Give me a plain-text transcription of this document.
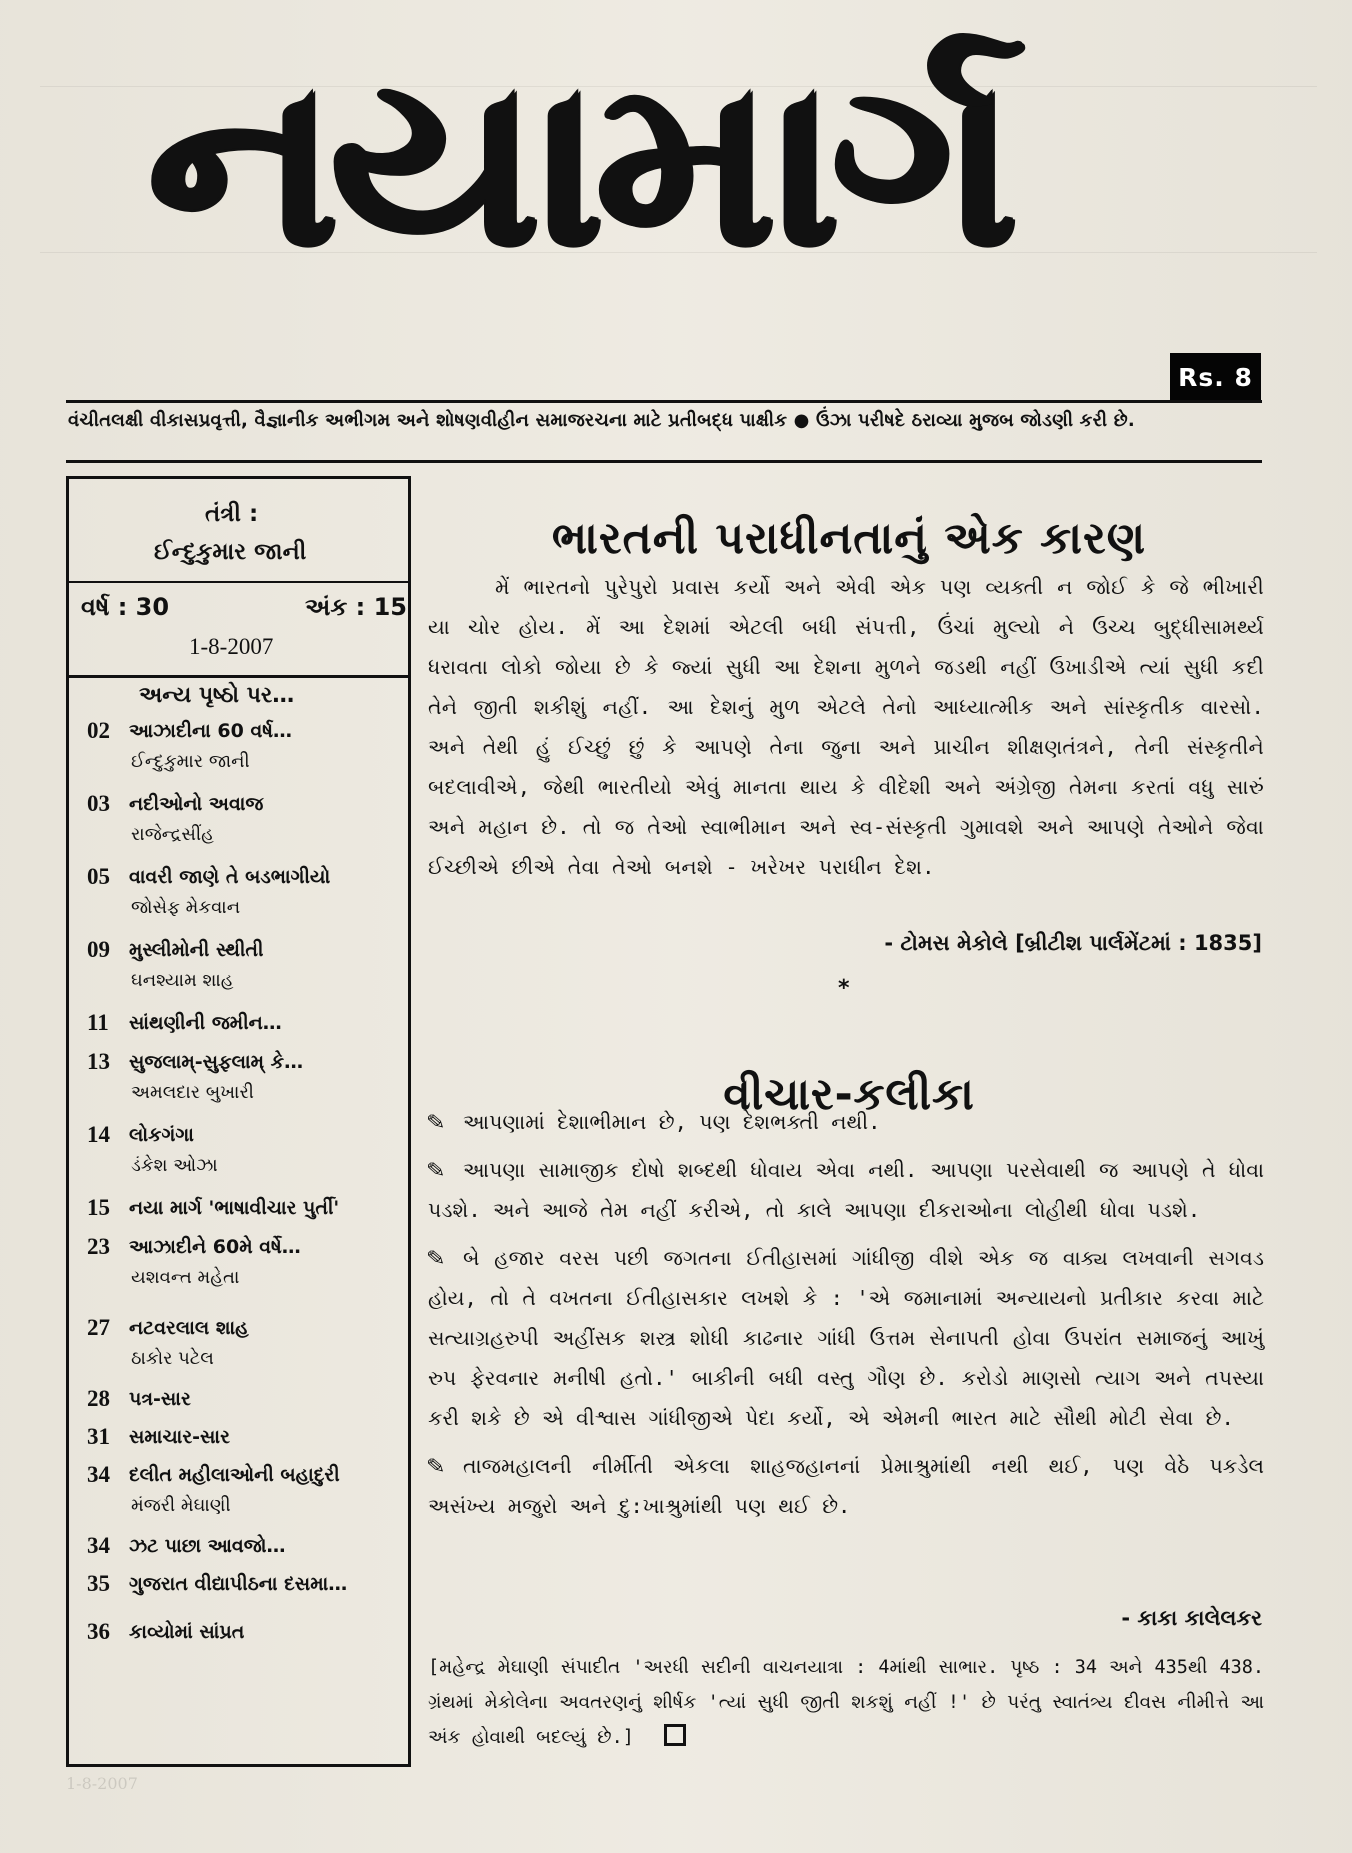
નયામાર્ગ
Rs. 8
વંચીતલક્ષી વીકાસપ્રવૃત્તી, વૈજ્ઞાનીક અભીગમ અને શોષણવીહીન સમાજરચના માટે પ્રતીબદ્ધ પાક્ષીક ● ઉંઝા પરીષદે ઠરાવ્યા મુજબ જોડણી કરી છે.
તંત્રી :
ઈન્દુકુમાર જાની
વર્ષ : 30	અંક : 15
1-8-2007
અન્ય પૃષ્ઠો પર…
02	આઝાદીના 60 વર્ષ…
ઈન્દુકુમાર જાની
03	નદીઓનો અવાજ
રાજેન્દ્રસીંહ
05	વાવરી જાણે તે બડભાગીયો
જોસેફ મેકવાન
09	મુસ્લીમોની સ્થીતી
ઘનશ્યામ શાહ
11	સાંથણીની જમીન…
13	સુજલામ્-સુફલામ્ કે…
અમલદાર બુખારી
14	લોકગંગા
ડંકેશ ઓઝા
15	નયા માર્ગ 'ભાષાવીચાર પુર્તી'
23	આઝાદીને 60મે વર્ષે…
યશવન્ત મહેતા
27	નટવરલાલ શાહ
ઠાકોર પટેલ
28	પત્ર-સાર
31	સમાચાર-સાર
34	દલીત મહીલાઓની બહાદુરી
મંજરી મેઘાણી
34	ઝટ પાછા આવજો…
35	ગુજરાત વીદ્યાપીઠના દસમા…
36	કાવ્યોમાં સાંપ્રત
ભારતની પરાધીનતાનું એક કારણ

મેં ભારતનો પુરેપુરો પ્રવાસ કર્યો અને એવી એક પણ વ્યક્તી ન જોઈ કે જે ભીખારી યા ચોર હોય. મેં આ દેશમાં એટલી બધી સંપત્તી, ઉંચાં મુલ્યો ને ઉચ્ચ બુદ્ધીસામર્થ્ય ધરાવતા લોકો જોયા છે કે જ્યાં સુધી આ દેશના મુળને જડથી નહીં ઉખાડીએ ત્યાં સુધી કદી તેને જીતી શકીશું નહીં. આ દેશનું મુળ એટલે તેનો આધ્યાત્મીક અને સાંસ્કૃતીક વારસો. અને તેથી હું ઈચ્છું છું કે આપણે તેના જુના અને પ્રાચીન શીક્ષણતંત્રને, તેની સંસ્કૃતીને બદલાવીએ, જેથી ભારતીયો એવું માનતા થાય કે વીદેશી અને અંગ્રેજી તેમના કરતાં વધુ સારું અને મહાન છે. તો જ તેઓ સ્વાભીમાન અને સ્વ-સંસ્કૃતી ગુમાવશે અને આપણે તેઓને જેવા ઈચ્છીએ છીએ તેવા તેઓ બનશે - ખરેખર પરાધીન દેશ.

- ટોમસ મેકોલે [બ્રીટીશ પાર્લમેંટમાં : 1835]
*
વીચાર-કલીકા

✎ આપણામાં દેશાભીમાન છે, પણ દેશભક્તી નથી.

✎ આપણા સામાજીક દોષો શબ્દથી ધોવાય એવા નથી. આપણા પરસેવાથી જ આપણે તે ધોવા પડશે. અને આજે તેમ નહીં કરીએ, તો કાલે આપણા દીકરાઓના લોહીથી ધોવા પડશે.

✎ બે હજાર વરસ પછી જગતના ઈતીહાસમાં ગાંધીજી વીશે એક જ વાક્ય લખવાની સગવડ હોય, તો તે વખતના ઈતીહાસકાર લખશે કે : 'એ જમાનામાં અન્યાયનો પ્રતીકાર કરવા માટે સત્યાગ્રહરુપી અહીંસક શસ્ત્ર શોધી કાઢનાર ગાંધી ઉત્તમ સેનાપતી હોવા ઉપરાંત સમાજનું આખું રુપ ફેરવનાર મનીષી હતો.' બાકીની બધી વસ્તુ ગૌણ છે. કરોડો માણસો ત્યાગ અને તપસ્યા કરી શકે છે એ વીશ્વાસ ગાંધીજીએ પેદા કર્યો, એ એમની ભારત માટે સૌથી મોટી સેવા છે.

✎ તાજમહાલની નીર્મીતી એકલા શાહજહાનનાં પ્રેમાશ્રુમાંથી નથી થઈ, પણ વેઠે પકડેલ અસંખ્ય મજુરો અને દુ:ખાશ્રુમાંથી પણ થઈ છે.

- કાકા કાલેલકર
[મહેન્દ્ર મેઘાણી સંપાદીત 'અરધી સદીની વાચનયાત્રા : 4માંથી સાભાર. પૃષ્ઠ : 34 અને 435થી 438. ગ્રંથમાં મેકોલેના અવતરણનું શીર્ષક 'ત્યાં સુધી જીતી શકશું નહીં !' છે પરંતુ સ્વાતંત્ર્ય દીવસ નીમીત્તે આ અંક હોવાથી બદલ્યું છે.]
1-8-2007
